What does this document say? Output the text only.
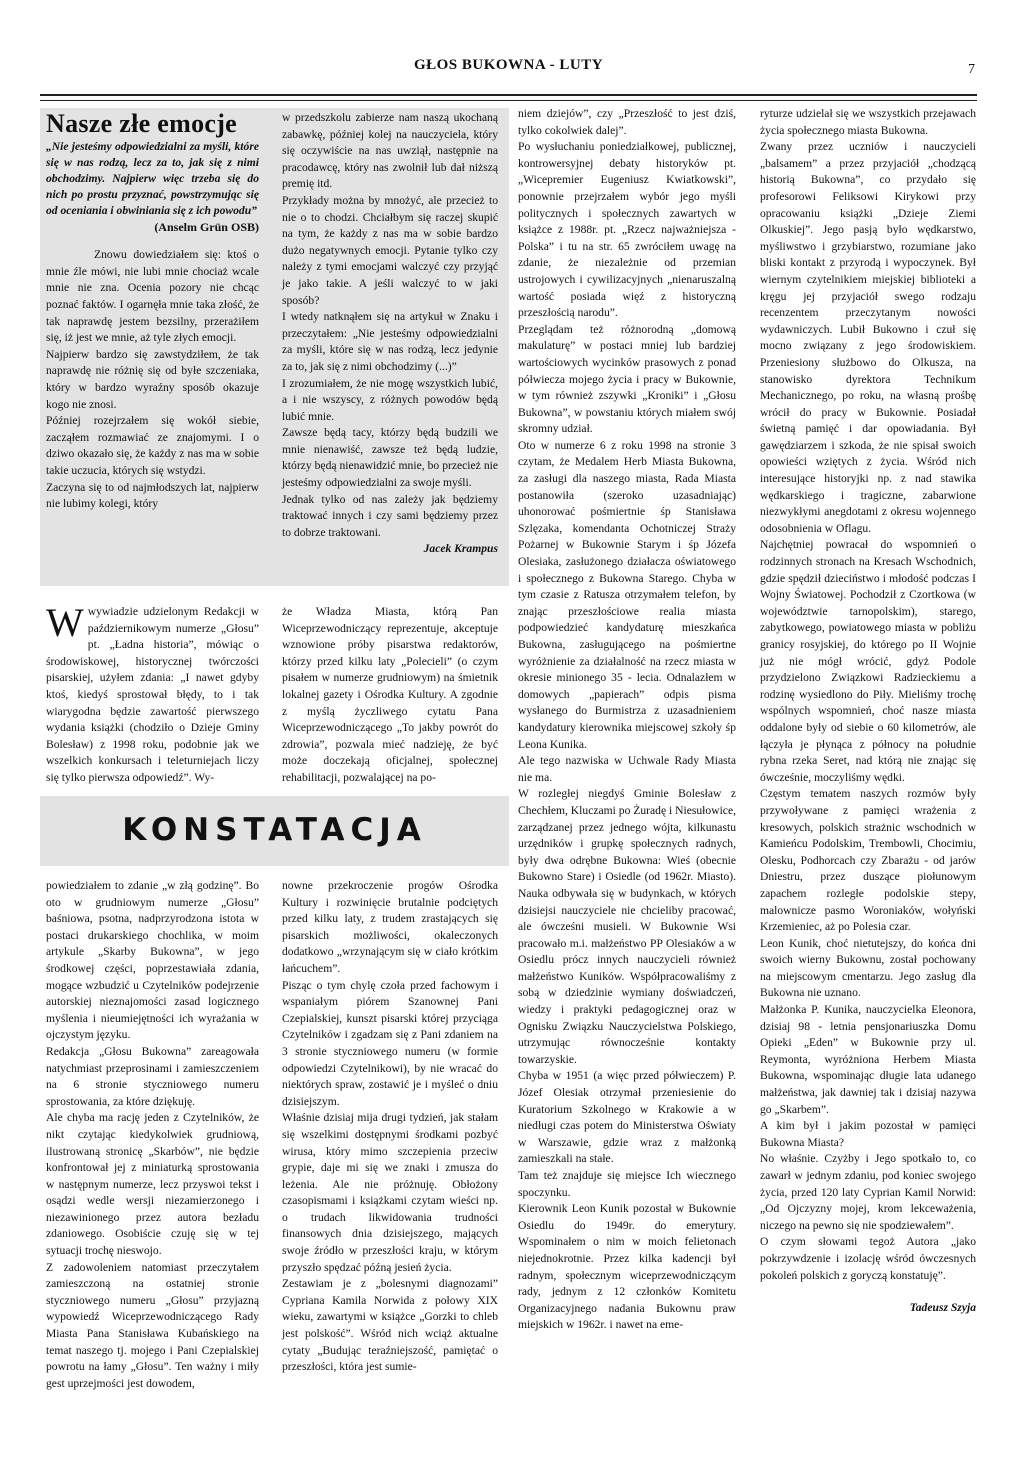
GŁOS BUKOWNA - LUTY	7
Nasze złe emocje
„Nie jesteśmy odpowiedzialni za myśli, które się w nas rodzą, lecz za to, jak się z nimi obchodzimy. Najpierw więc trzeba się do nich po prostu przyznać, powstrzymując się od oceniania i obwiniania się z ich powodu”
(Anselm Grün OSB)

Znowu dowiedziałem się: ktoś o mnie źle mówi, nie lubi mnie chociaż wcale mnie nie zna. Ocenia pozory nie chcąc poznać faktów. I ogarnęła mnie taka złość, że tak naprawdę jestem bezsilny, przerażiłem się, iż jest we mnie, aż tyle złych emocji.

Najpierw bardzo się zawstydziłem, że tak naprawdę nie różnię się od byłe szczeniaka, który w bardzo wyraźny sposób okazuje kogo nie znosi.

Później rozejrzałem się wokół siebie, zacząłem rozmawiać ze znajomymi. I o dziwo okazało się, że każdy z nas ma w sobie takie uczucia, których się wstydzi.

Zaczyna się to od najmłodszych lat, najpierw nie lubimy kolegi, który

w przedszkolu zabierze nam naszą ukochaną zabawkę, później kolej na nauczyciela, który się oczywiście na nas uwziął, następnie na pracodawcę, który nas zwolnił lub dał niższą premię itd.

Przykłady można by mnożyć, ale przecież to nie o to chodzi. Chciałbym się raczej skupić na tym, że każdy z nas ma w sobie bardzo dużo negatywnych emocji. Pytanie tylko czy należy z tymi emocjami walczyć czy przyjąć je jako takie. A jeśli walczyć to w jaki sposób?

I wtedy natknąłem się na artykuł w Znaku i przeczytałem: „Nie jesteśmy odpowiedzialni za myśli, które się w nas rodzą, lecz jedynie za to, jak się z nimi obchodzimy (...)”

I zrozumiałem, że nie mogę wszystkich lubić, a i nie wszyscy, z różnych powodów będą lubić mnie.

Zawsze będą tacy, którzy będą budzili we mnie nienawiść, zawsze też będą ludzie, którzy będą nienawidzić mnie, bo przecież nie jesteśmy odpowiedzialni za swoje myśli.

Jednak tylko od nas zależy jak będziemy traktować innych i czy sami będziemy przez to dobrze traktowani.

Jacek Krampus

W wywiadzie udzielonym Redakcji w październikowym numerze „Głosu” pt. „Ładna historia”, mówiąc o środowiskowej, historycznej twórczości pisarskiej, użyłem zdania: „I nawet gdyby ktoś, kiedyś sprostował błędy, to i tak wiarygodna będzie zawartość pierwszego wydania książki (chodziło o Dzieje Gminy Bolesław) z 1998 roku, podobnie jak we wszelkich konkursach i teleturniejach liczy się tylko pierwsza odpowiedź”. Wy-

że Władza Miasta, którą Pan Wiceprzewodniczący reprezentuje, akceptuje wznowione próby pisarstwa redaktorów, którzy przed kilku laty „Polecieli” (o czym pisałem w numerze grudniowym) na śmietnik lokalnej gazety i Ośrodka Kultury. A zgodnie z myślą życzliwego cytatu Pana Wiceprzewodniczącego „To jakby powrót do zdrowia”, pozwala mieć nadzieję, że być może doczekają oficjalnej, społecznej rehabilitacji, pozwalającej na po-

KONSTATACJA

powiedziałem to zdanie „w złą godzinę”. Bo oto w grudniowym numerze „Głosu” baśniowa, psotna, nadprzyrodzona istota w postaci drukarskiego chochlika, w moim artykule „Skarby Bukowna”, w jego środkowej części, poprzestawiała zdania, mogące wzbudzić u Czytelników podejrzenie autorskiej nieznajomości zasad logicznego myślenia i nieumiejętności ich wyrażania w ojczystym języku.

Redakcja „Głosu Bukowna” zareagowała natychmiast przeprosinami i zamieszczeniem na 6 stronie styczniowego numeru sprostowania, za które dziękuję.

Ale chyba ma rację jeden z Czytelników, że nikt czytając kiedykolwiek grudniową, ilustrowaną stronicę „Skarbów”, nie będzie konfrontował jej z miniaturką sprostowania w następnym numerze, lecz przyswoi tekst i osądzi wedle wersji niezamierzonego i niezawinionego przez autora bezładu zdaniowego. Osobiście czuję się w tej sytuacji trochę nieswojo.

Z zadowoleniem natomiast przeczytałem zamieszczoną na ostatniej stronie styczniowego numeru „Głosu” przyjazną wypowiedź Wiceprzewodniczącego Rady Miasta Pana Stanisława Kubańskiego na temat naszego tj. mojego i Pani Czepialskiej powrotu na łamy „Głosu”. Ten ważny i miły gest uprzejmości jest dowodem,

nowne przekroczenie progów Ośrodka Kultury i rozwinięcie brutalnie podciętych przed kilku laty, z trudem zrastających się pisarskich możliwości, okaleczonych dodatkowo „wrzynającym się w ciało krótkim łańcuchem”.

Pisząc o tym chylę czoła przed fachowym i wspaniałym piórem Szanownej Pani Czepialskiej, kunszt pisarski której przyciąga Czytelników i zgadzam się z Pani zdaniem na 3 stronie styczniowego numeru (w formie odpowiedzi Czytelnikowi), by nie wracać do niektórych spraw, zostawić je i myśleć o dniu dzisiejszym.

Właśnie dzisiaj mija drugi tydzień, jak stałam się wszelkimi dostępnymi środkami pozbyć wirusa, który mimo szczepienia przeciw grypie, daje mi się we znaki i zmusza do leżenia. Ale nie próżnuję. Obłożony czasopismami i książkami czytam wieści np. o trudach likwidowania trudności finansowych dnia dzisiejszego, mających swoje źródło w przeszłości kraju, w którym przyszło spędzać późną jesień życia.

Zestawiam je z „bolesnymi diagnozami” Cypriana Kamila Norwida z połowy XIX wieku, zawartymi w książce „Gorzki to chleb jest polskość”. Wśród nich wciąż aktualne cytaty „Budując teraźniejszość, pamiętać o przeszłości, która jest sumie-

niem dziejów”, czy „Przeszłość to jest dziś, tylko cokolwiek dalej”.

Po wysłuchaniu poniedziałkowej, publicznej, kontrowersyjnej debaty historyków pt. „Wicepremier Eugeniusz Kwiatkowski”, ponownie przejrzałem wybór jego myśli politycznych i społecznych zawartych w książce z 1988r. pt. „Rzecz najważniejsza - Polska” i tu na str. 65 zwróciłem uwagę na zdanie, że niezależnie od przemian ustrojowych i cywilizacyjnych „nienaruszalną wartość posiada więź z historyczną przeszłością narodu”.

Przeglądam też różnorodną „domową makulaturę” w postaci mniej lub bardziej wartościowych wycinków prasowych z ponad półwiecza mojego życia i pracy w Bukownie, w tym również zszywki „Kroniki” i „Głosu Bukowna”, w powstaniu których miałem swój skromny udział.

Oto w numerze 6 z roku 1998 na stronie 3 czytam, że Medalem Herb Miasta Bukowna, za zasługi dla naszego miasta, Rada Miasta postanowiła (szeroko uzasadniając) uhonorować pośmiertnie śp Stanisława Szlęzaka, komendanta Ochotniczej Straży Pożarnej w Bukownie Starym i śp Józefa Olesiaka, zasłużonego działacza oświatowego i społecznego z Bukowna Starego. Chyba w tym czasie z Ratusza otrzymałem telefon, by znając przeszłościowe realia miasta podpowiedzieć kandydaturę mieszkańca Bukowna, zasługującego na pośmiertne wyróżnienie za działalność na rzecz miasta w okresie minionego 35 - lecia. Odnalazłem w domowych „papierach” odpis pisma wysłanego do Burmistrza z uzasadnieniem kandydatury kierownika miejscowej szkoły śp Leona Kunika.

Ale tego nazwiska w Uchwale Rady Miasta nie ma.

W rozległej niegdyś Gminie Bolesław z Chechłem, Kluczami po Żuradę i Niesułowice, zarządzanej przez jednego wójta, kilkunastu urzędników i grupkę społecznych radnych, były dwa odrębne Bukowna: Wieś (obecnie Bukowno Stare) i Osiedle (od 1962r. Miasto). Nauka odbywała się w budynkach, w których dzisiejsi nauczyciele nie chcieliby pracować, ale ówcześni musieli. W Bukownie Wsi pracowało m.i. małżeństwo PP Olesiaków a w Osiedlu prócz innych nauczycieli również małżeństwo Kuników. Współpracowaliśmy z sobą w dziedzinie wymiany doświadczeń, wiedzy i praktyki pedagogicznej oraz w Ognisku Związku Nauczycielstwa Polskiego, utrzymując równocześnie kontakty towarzyskie.

Chyba w 1951 (a więc przed półwieczem) P. Józef Olesiak otrzymał przeniesienie do Kuratorium Szkolnego w Krakowie a w niedługi czas potem do Ministerstwa Oświaty w Warszawie, gdzie wraz z małżonką zamieszkali na stałe.

Tam też znajduje się miejsce Ich wiecznego spoczynku.

Kierownik Leon Kunik pozostał w Bukownie Osiedlu do 1949r. do emerytury. Wspominałem o nim w moich felietonach niejednokrotnie. Przez kilka kadencji był radnym, społecznym wiceprzewodniczącym rady, jednym z 12 członków Komitetu Organizacyjnego nadania Bukownu praw miejskich w 1962r. i nawet na eme-

ryturze udzielał się we wszystkich przejawach życia społecznego miasta Bukowna.

Zwany przez uczniów i nauczycieli „balsamem” a przez przyjaciół „chodzącą historią Bukowna”, co przydało się profesorowi Feliksowi Kirykowi przy opracowaniu książki „Dzieje Ziemi Olkuskiej”. Jego pasją było wędkarstwo, myśliwstwo i grzybiarstwo, rozumiane jako bliski kontakt z przyrodą i wypoczynek. Był wiernym czytelnikiem miejskiej biblioteki a kręgu jej przyjaciół swego rodzaju recenzentem przeczytanym nowości wydawniczych. Lubił Bukowno i czuł się mocno związany z jego środowiskiem. Przeniesiony służbowo do Olkusza, na stanowisko dyrektora Technikum Mechanicznego, po roku, na własną prośbę wrócił do pracy w Bukownie. Posiadał świetną pamięć i dar opowiadania. Był gawędziarzem i szkoda, że nie spisał swoich opowieści wziętych z życia. Wśród nich interesujące historyjki np. z nad stawika wędkarskiego i tragiczne, zabarwione niezwykłymi anegdotami z okresu wojennego odosobnienia w Oflagu.

Najchętniej powracał do wspomnień o rodzinnych stronach na Kresach Wschodnich, gdzie spędził dzieciństwo i młodość podczas I Wojny Światowej. Pochodził z Czortkowa (w województwie tarnopolskim), starego, zabytkowego, powiatowego miasta w pobliżu granicy rosyjskiej, do którego po II Wojnie już nie mógł wrócić, gdyż Podole przydzielono Związkowi Radzieckiemu a rodzinę wysiedlono do Piły. Mieliśmy trochę wspólnych wspomnień, choć nasze miasta oddalone były od siebie o 60 kilometrów, ale łączyła je płynąca z północy na południe rybna rzeka Seret, nad którą nie znając się ówcześnie, moczyliśmy wędki.

Częstym tematem naszych rozmów były przywoływane z pamięci wrażenia z kresowych, polskich strażnic wschodnich w Kamieńcu Podolskim, Trembowli, Chocimiu, Olesku, Podhorcach czy Zbarażu - od jarów Dniestru, przez duszące piołunowym zapachem rozległe podolskie stepy, malownicze pasmo Woroniaków, wołyński Krzemieniec, aż po Polesia czar.

Leon Kunik, choć nietutejszy, do końca dni swoich wierny Bukownu, został pochowany na miejscowym cmentarzu. Jego zasług dla Bukowna nie uznano.

Małżonka P. Kunika, nauczycielka Eleonora, dzisiaj 98 - letnia pensjonariuszka Domu Opieki „Eden” w Bukownie przy ul. Reymonta, wyróżniona Herbem Miasta Bukowna, wspominając długie lata udanego małżeństwa, jak dawniej tak i dzisiaj nazywa go „Skarbem”.

A kim był i jakim pozostał w pamięci Bukowna Miasta?

No właśnie. Czyżby i Jego spotkało to, co zawarł w jednym zdaniu, pod koniec swojego życia, przed 120 laty Cyprian Kamil Norwid: „Od Ojczyzny mojej, krom lekceważenia, niczego na pewno się nie spodziewałem”.

O czym słowami tegoż Autora „jako pokrzywdzenie i izolację wśród ówczesnych pokoleń polskich z goryczą konstatuję”.

Tadeusz Szyja
